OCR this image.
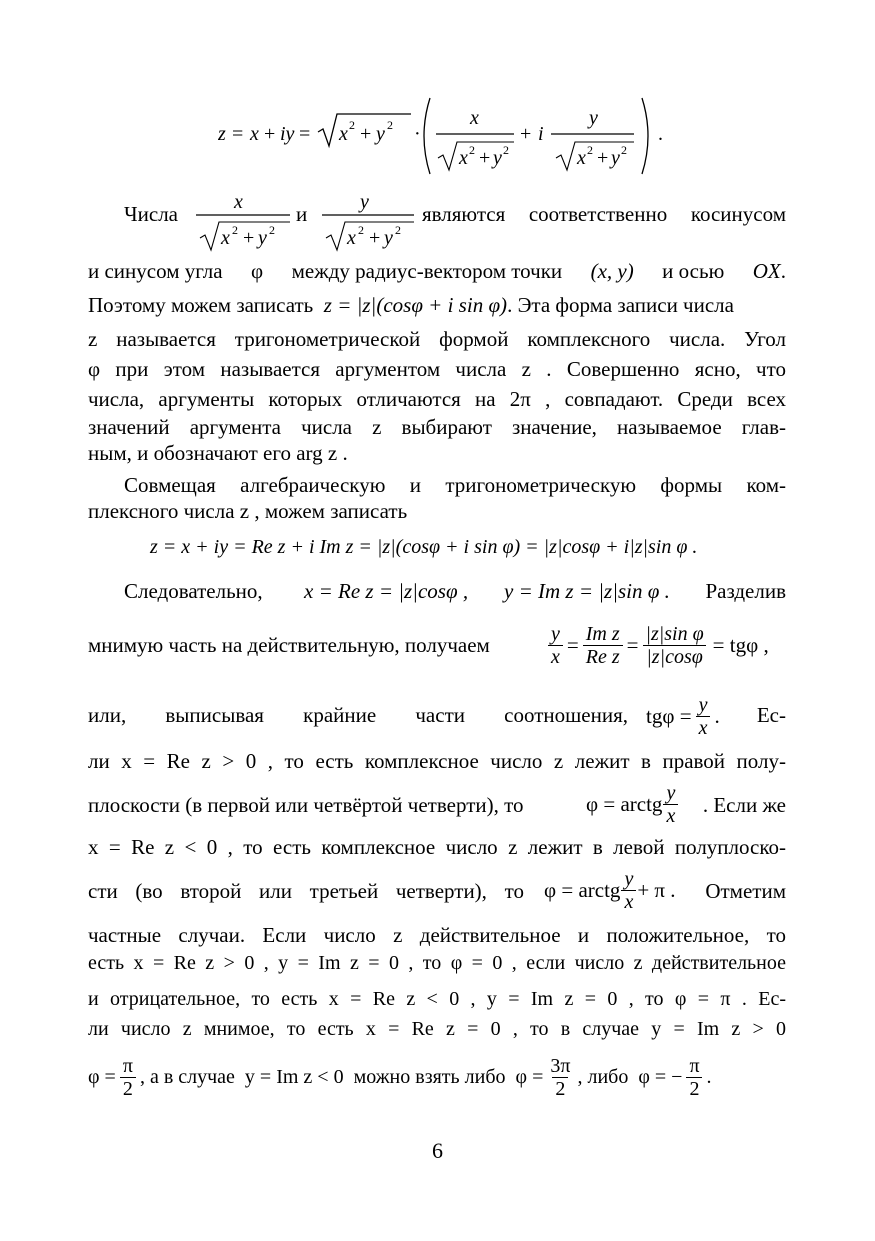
z = x + iy = x 2 + y 2 ·
x
x 2 + y 2
+ i
y
x 2 + y 2
.
Числа	x
x 2 + y 2
y
x 2 + y 2
и	являются соответственно косинусом
и синусом угла φ между радиус-вектором точки (x, y) и осью OX.
Поэтому можем записать z = |z|(cosφ + i sin φ). Эта форма записи числа
z называется тригонометрической формой комплексного числа. Угол
φ при этом называется аргументом числа z . Совершенно ясно, что
числа, аргументы которых отличаются на 2π , совпадают. Среди всех
значений аргумента числа z выбирают значение, называемое глав-
ным, и обозначают его arg z .
Совмещая алгебраическую и тригонометрическую формы ком-
плексного числа z , можем записать
z = x + iy = Re z + i Im z = |z|(cosφ + i sin φ) = |z|cosφ + i|z|sin φ .
Следовательно, x = Re z = |z|cosφ , y = Im z = |z|sin φ . Разделив
мнимую часть на действительную, получаем	$\frac{y}{x} = \frac{\text{Im z}}{\text{Re z}} = \frac{\text{|z|sin φ}}{|z|\cos\varphi} = tg\varphi$ ,
или, выписывая крайние части соотношения, $tg\varphi = \frac{y}{x}$ . Ес-
ли x = Re z > 0 , то есть комплексное число z лежит в правой полу-
плоскости (в первой или четвёртой четверти), то	φ = arctg $\frac{y}{x}$ . Если же
x = Re z < 0 , то есть комплексное число z лежит в левой полуплоско-
сти (во второй или третьей четверти), то φ = arctg $\frac{y}{x} + \pi$ . Отметим
частные случаи. Если число z действительное и положительное, то
есть x = Re z > 0 , y = Im z = 0 , то φ = 0 , если число z действительное
и отрицательное, то есть x = Re z < 0 , y = Im z = 0 , то φ = π . Ес-
ли число z мнимое, то есть x = Re z = 0 , то в случае y = Im z > 0
$\varphi = \frac{\pi}{2}$ , а в случае  y = Im z < 0  можно взять либо  $\varphi = \frac{3\pi}{2}$ , либо  φ = − $\frac{\pi}{2}$ .
6
